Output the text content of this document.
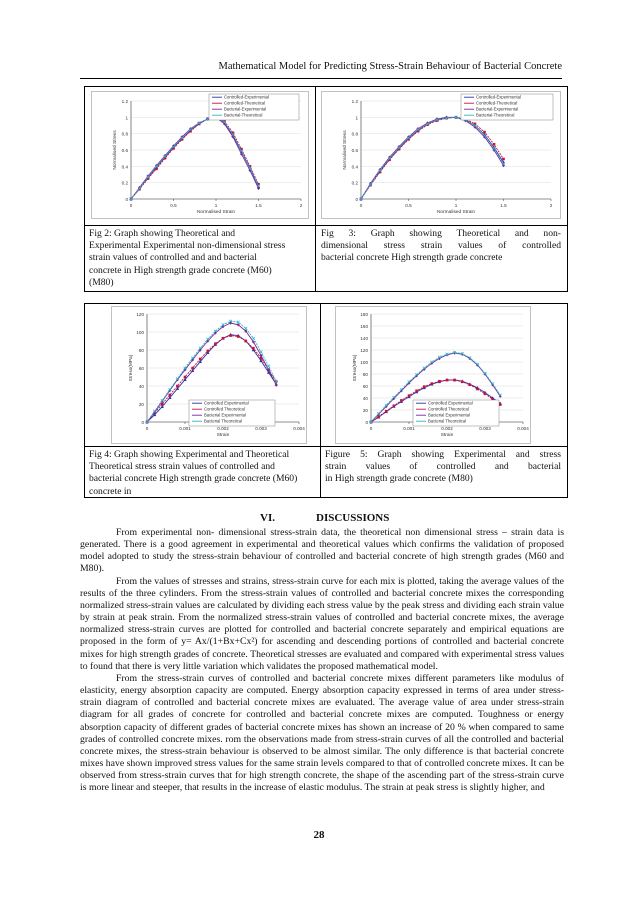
Mathematical Model for Predicting Stress-Strain Behaviour of Bacterial Concrete
0
0.2
0.4
0.6
0.8
1
1.2
0	0.5	1	1.5	2
Normalised Strain
Normalised Stress
Controlled-Experimental
Controlled-Theoretical
Bacterial-Experimental
Bacterial-Theoretical
0
0.2
0.4
0.6
0.8
1
1.2
0	0.5	1	1.5	2
Normalised Strain
Normalised Stress
Controlled-Experimental
Controlled-Theoretical
Bacterial-Experimental
Bacterial-Theoretical
Fig 2: Graph showing Theoretical and
Experimental Experimental non-dimensional stress
strain values of controlled and and bacterial
concrete in High strength grade concrete (M60)
(M80)
Fig 3: Graph showing Theoretical and non-
dimensional stress strain values of controlled
bacterial concrete High strength grade concrete
0
20
40
60
80
100
120
0	0.001	0.002	0.003	0.004
Strain
Stress(MPa)
Controlled Experimental
Controlled Theoretical
Bacterial Experimental
Bacterial Theoretical	0
20
40
60
80
100
120
140
160
180
0	0.001	0.002	0.003	0.004
Strain
Stress(MPa)
Controlled Experimental
Controlled Theoretical
Bacterial Experimental
Bacterial Theoretical
Fig 4: Graph showing Experimental and Theoretical
Theoretical stress strain values of controlled and
bacterial concrete High strength grade concrete (M60)
concrete in
Figure 5: Graph showing Experimental and stress
strain values of controlled and bacterial
in High strength grade concrete (M80)
VI.	DISCUSSIONS

From experimental non- dimensional stress-strain data, the theoretical non dimensional stress – strain data is generated. There is a good agreement in experimental and theoretical values which confirms the validation of proposed model adopted to study the stress-strain behaviour of controlled and bacterial concrete of high strength grades (M60 and M80).

From the values of stresses and strains, stress-strain curve for each mix is plotted, taking the average values of the results of the three cylinders. From the stress-strain values of controlled and bacterial concrete mixes the corresponding normalized stress-strain values are calculated by dividing each stress value by the peak stress and dividing each strain value by strain at peak strain. From the normalized stress-strain values of controlled and bacterial concrete mixes, the average normalized stress-strain curves are plotted for controlled and bacterial concrete separately and empirical equations are proposed in the form of y= Ax/(1+Bx+Cx²) for ascending and descending portions of controlled and bacterial concrete mixes for high strength grades of concrete. Theoretical stresses are evaluated and compared with experimental stress values to found that there is very little variation which validates the proposed mathematical model.

From the stress-strain curves of controlled and bacterial concrete mixes different parameters like modulus of elasticity, energy absorption capacity are computed. Energy absorption capacity expressed in terms of area under stress-strain diagram of controlled and bacterial concrete mixes are evaluated. The average value of area under stress-strain diagram for all grades of concrete for controlled and bacterial concrete mixes are computed. Toughness or energy absorption capacity of different grades of bacterial concrete mixes has shown an increase of 20 % when compared to same grades of controlled concrete mixes. rom the observations made from stress-strain curves of all the controlled and bacterial concrete mixes, the stress-strain behaviour is observed to be almost similar. The only difference is that bacterial concrete mixes have shown improved stress values for the same strain levels compared to that of controlled concrete mixes. It can be observed from stress-strain curves that for high strength concrete, the shape of the ascending part of the stress-strain curve is more linear and steeper, that results in the increase of elastic modulus. The strain at peak stress is slightly higher, and

28
